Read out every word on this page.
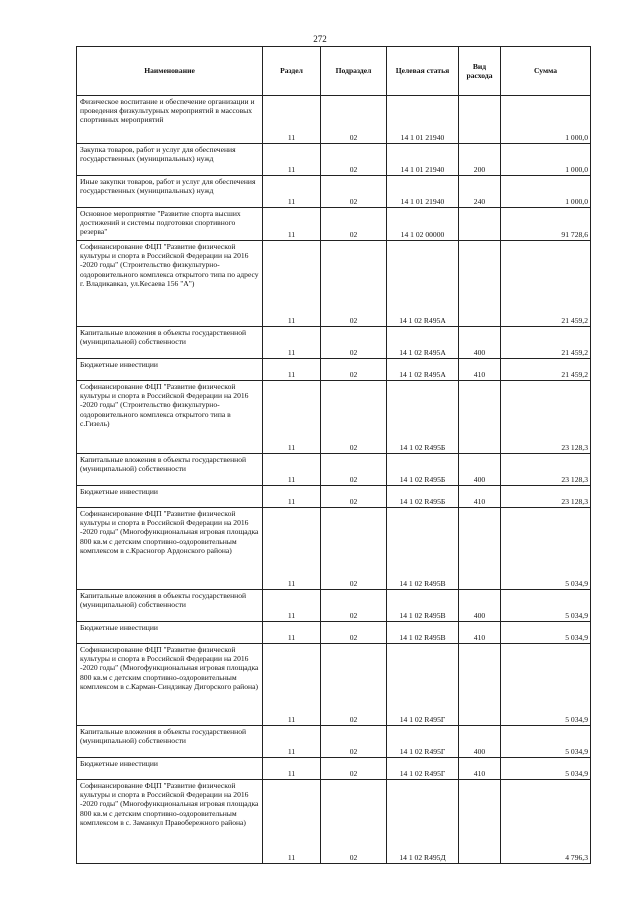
272
Наименование	Раздел	Подраздел	Целевая статья	Вид расхода	Сумма
Физическое воспитание и обеспечение организации и проведения физкультурных мероприятий в массовых спортивных мероприятий	11	02	14 1 01 21940		1 000,0
Закупка товаров, работ и услуг для обеспечения государственных (муниципальных) нужд	11	02	14 1 01 21940	200	1 000,0
Иные закупки товаров, работ и услуг для обеспечения государственных (муниципальных) нужд	11	02	14 1 01 21940	240	1 000,0
Основное мероприятие "Развитие спорта высших достижений и системы подготовки спортивного резерва"	11	02	14 1 02 00000		91 728,6
Софинансирование ФЦП "Развитие физической культуры и спорта в Российской Федерации на 2016 -2020 годы" (Строительство физкультурно-оздоровительного комплекса открытого типа по адресу г. Владикавказ, ул.Кесаева 156 "А")	11	02	14 1 02 R495А		21 459,2
Капитальные вложения в объекты государственной (муниципальной) собственности	11	02	14 1 02 R495А	400	21 459,2
Бюджетные инвестиции	11	02	14 1 02 R495А	410	21 459,2
Софинансирование ФЦП "Развитие физической культуры и спорта в Российской Федерации на 2016 -2020 годы" (Строительство физкультурно-оздоровительного комплекса открытого типа в с.Гизель)	11	02	14 1 02 R495Б		23 128,3
Капитальные вложения в объекты государственной (муниципальной) собственности	11	02	14 1 02 R495Б	400	23 128,3
Бюджетные инвестиции	11	02	14 1 02 R495Б	410	23 128,3
Софинансирование ФЦП "Развитие физической культуры и спорта в Российской Федерации на 2016 -2020 годы" (Многофункциональная игровая площадка 800 кв.м с детским спортивно-оздоровительным комплексом в с.Красногор Ардонского района)	11	02	14 1 02 R495В		5 034,9
Капитальные вложения в объекты государственной (муниципальной) собственности	11	02	14 1 02 R495В	400	5 034,9
Бюджетные инвестиции	11	02	14 1 02 R495В	410	5 034,9
Софинансирование ФЦП "Развитие физической культуры и спорта в Российской Федерации на 2016 -2020 годы" (Многофункциональная игровая площадка 800 кв.м с детским спортивно-оздоровительным комплексом в с.Карман-Синдзикау Дигорского района)	11	02	14 1 02 R495Г		5 034,9
Капитальные вложения в объекты государственной (муниципальной) собственности	11	02	14 1 02 R495Г	400	5 034,9
Бюджетные инвестиции	11	02	14 1 02 R495Г	410	5 034,9
Софинансирование ФЦП "Развитие физической культуры и спорта в Российской Федерации на 2016 -2020 годы" (Многофункциональная игровая площадка 800 кв.м с детским спортивно-оздоровительным комплексом в с. Заманкул Правобережного района)	11	02	14 1 02 R495Д		4 796,3
